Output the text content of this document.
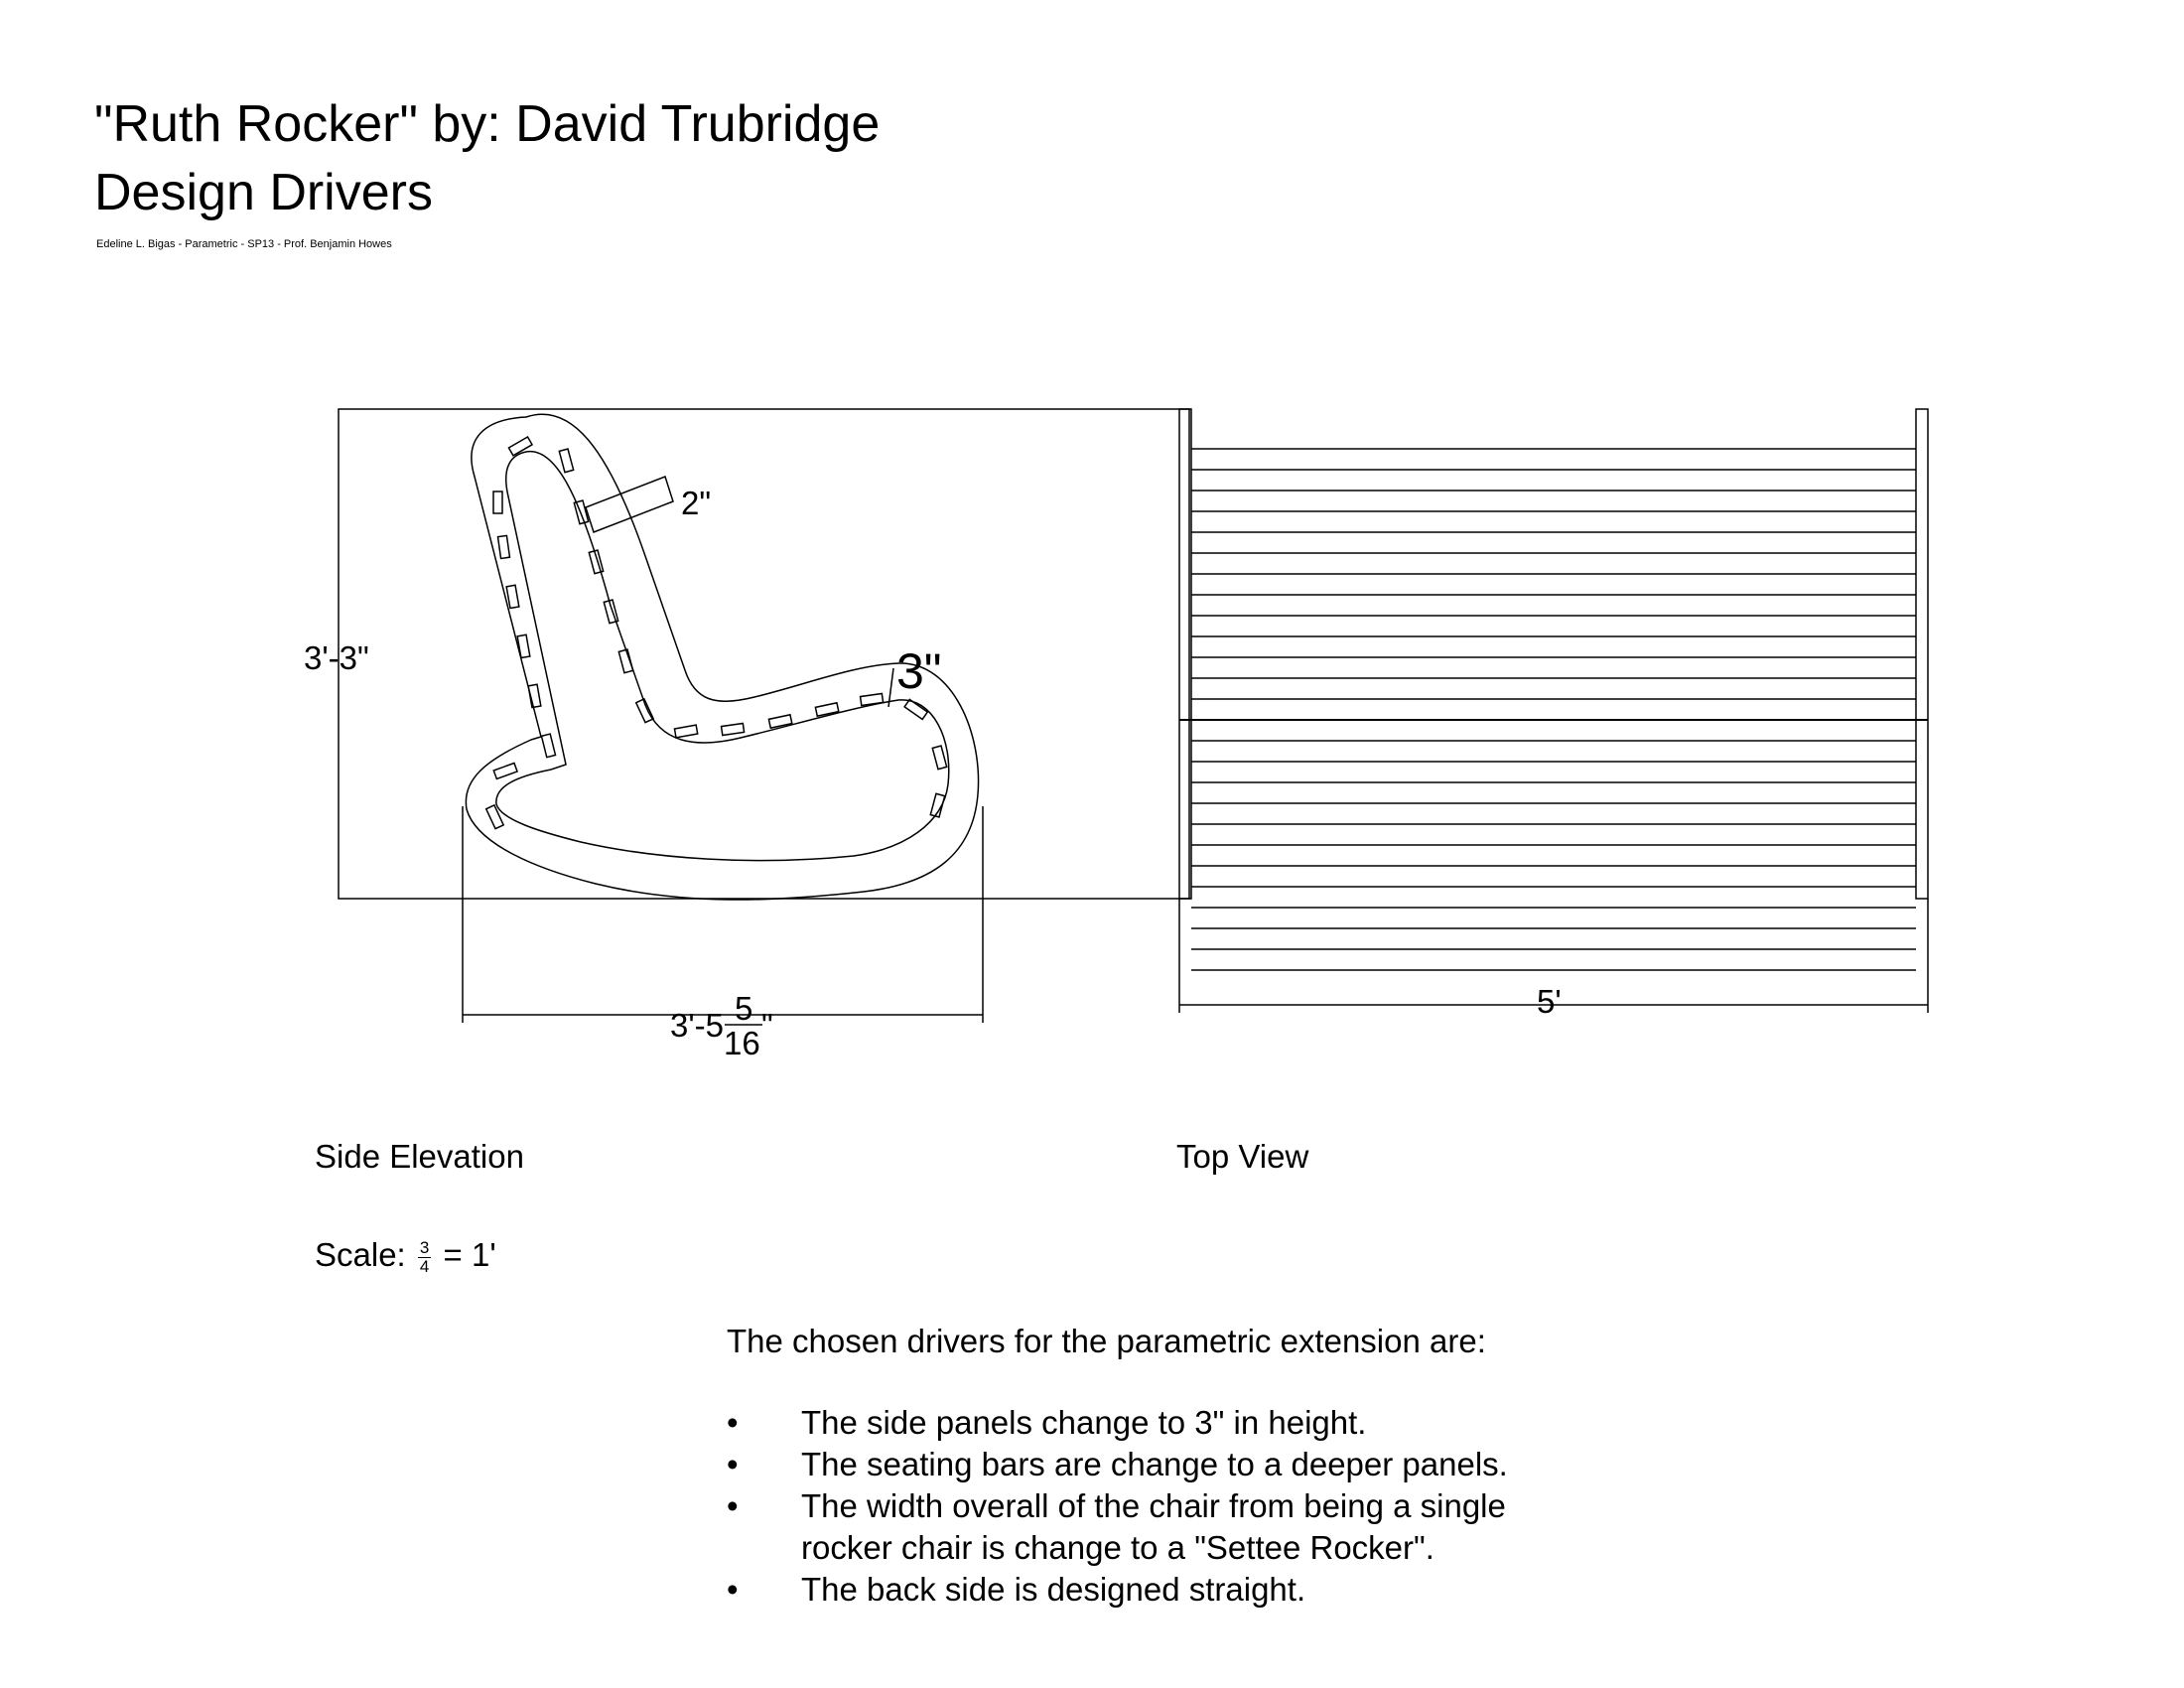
"Ruth Rocker" by: David Trubridge
Design Drivers
Edeline L. Bigas - Parametric - SP13 - Prof. Benjamin Howes
3'-3"
2"
3"
3'-5 5
16 "
5'
Side Elevation	Top View
Scale: $\frac{3}{4} = 1'$
The chosen drivers for the parametric extension are:
• The side panels change to 3" in height.
• The seating bars are change to a deeper panels.
• The width overall of the chair from being a single rocker chair is change to a "Settee Rocker".
• The back side is designed straight.
